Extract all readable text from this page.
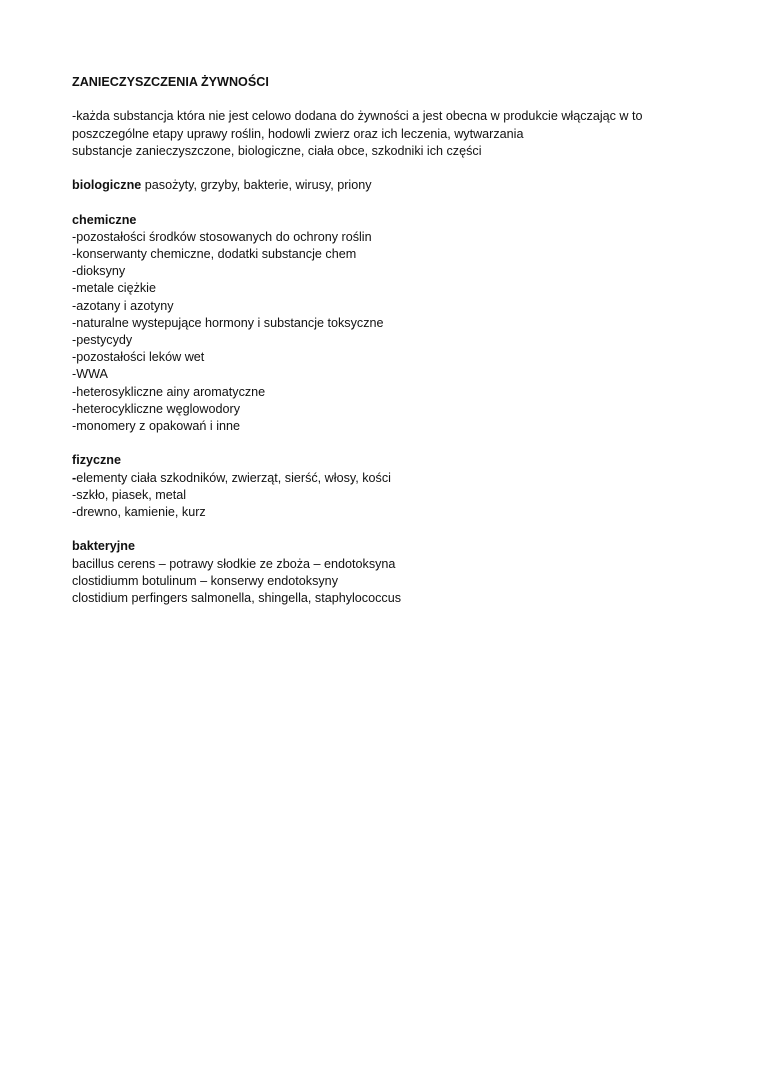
ZANIECZYSZCZENIA ŻYWNOŚCI
-każda substancja która nie jest celowo dodana do żywności a jest obecna w produkcie włączając w to
poszczególne etapy uprawy roślin, hodowli zwierz oraz ich leczenia, wytwarzania
substancje zanieczyszczone, biologiczne, ciała obce, szkodniki ich części
biologiczne pasożyty, grzyby, bakterie, wirusy, priony
chemiczne
-pozostałości środków stosowanych do ochrony roślin
-konserwanty chemiczne, dodatki substancje chem
-dioksyny
-metale ciężkie
-azotany i azotyny
-naturalne wystepujące hormony i substancje toksyczne
-pestycydy
-pozostałości leków wet
-WWA
-heterosykliczne ainy aromatyczne
-heterocykliczne węglowodory
-monomery z opakowań i inne
fizyczne
-elementy ciała szkodników, zwierząt, sierść, włosy, kości
-szkło, piasek, metal
-drewno, kamienie, kurz
bakteryjne
bacillus cerens – potrawy słodkie ze zboża – endotoksyna
clostidiumm botulinum – konserwy endotoksyny
clostidium perfingers salmonella, shingella, staphylococcus
